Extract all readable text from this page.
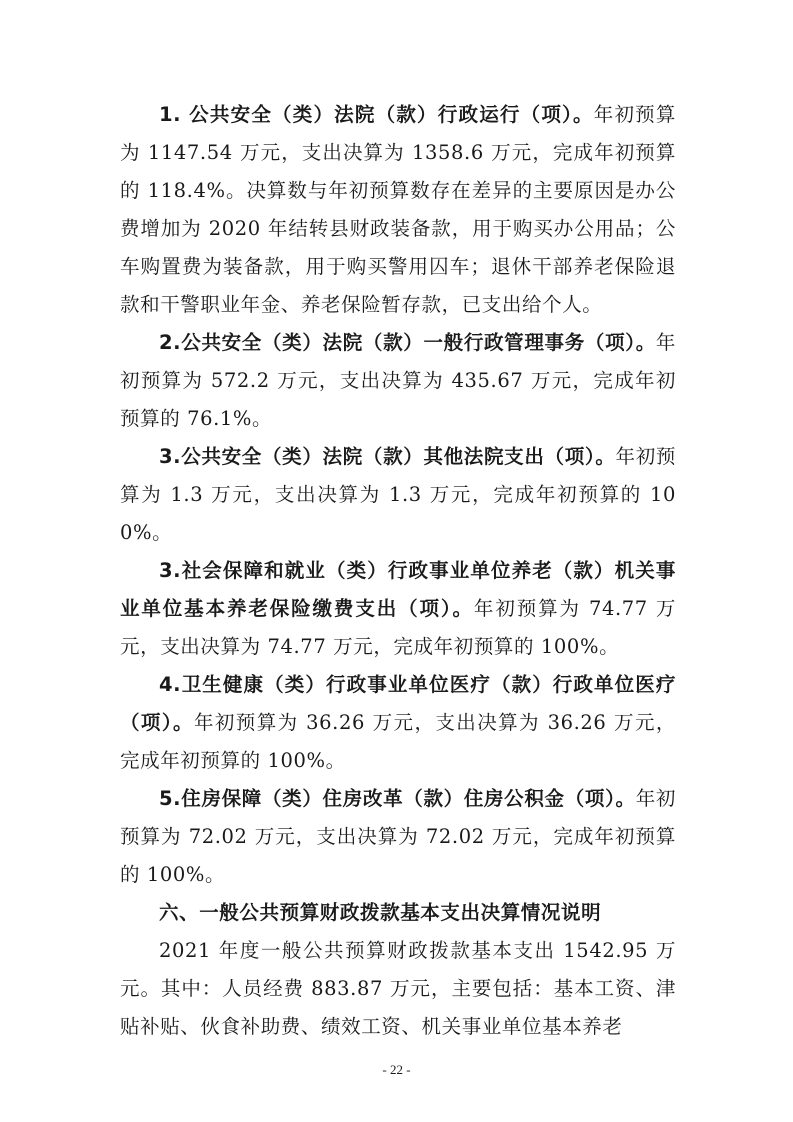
1. 公共安全（类）法院（款）行政运行（项）。年初预算为 1147.54 万元，支出决算为 1358.6 万元，完成年初预算的 118.4%。决算数与年初预算数存在差异的主要原因是办公费增加为 2020 年结转县财政装备款，用于购买办公用品；公车购置费为装备款，用于购买警用囚车；退休干部养老保险退款和干警职业年金、养老保险暂存款，已支出给个人。

2.公共安全（类）法院（款）一般行政管理事务（项）。年初预算为 572.2 万元，支出决算为 435.67 万元，完成年初预算的 76.1%。

3.公共安全（类）法院（款）其他法院支出（项）。年初预算为 1.3 万元，支出决算为 1.3 万元，完成年初预算的 100%。

3.社会保障和就业（类）行政事业单位养老（款）机关事业单位基本养老保险缴费支出（项）。年初预算为 74.77 万元，支出决算为 74.77 万元，完成年初预算的 100%。

4.卫生健康（类）行政事业单位医疗（款）行政单位医疗（项）。年初预算为 36.26 万元，支出决算为 36.26 万元，完成年初预算的 100%。

5.住房保障（类）住房改革（款）住房公积金（项）。年初预算为 72.02 万元，支出决算为 72.02 万元，完成年初预算的 100%。

六、一般公共预算财政拨款基本支出决算情况说明

2021 年度一般公共预算财政拨款基本支出 1542.95 万元。其中：人员经费 883.87 万元，主要包括：基本工资、津贴补贴、伙食补助费、绩效工资、机关事业单位基本养老

- 22 -
